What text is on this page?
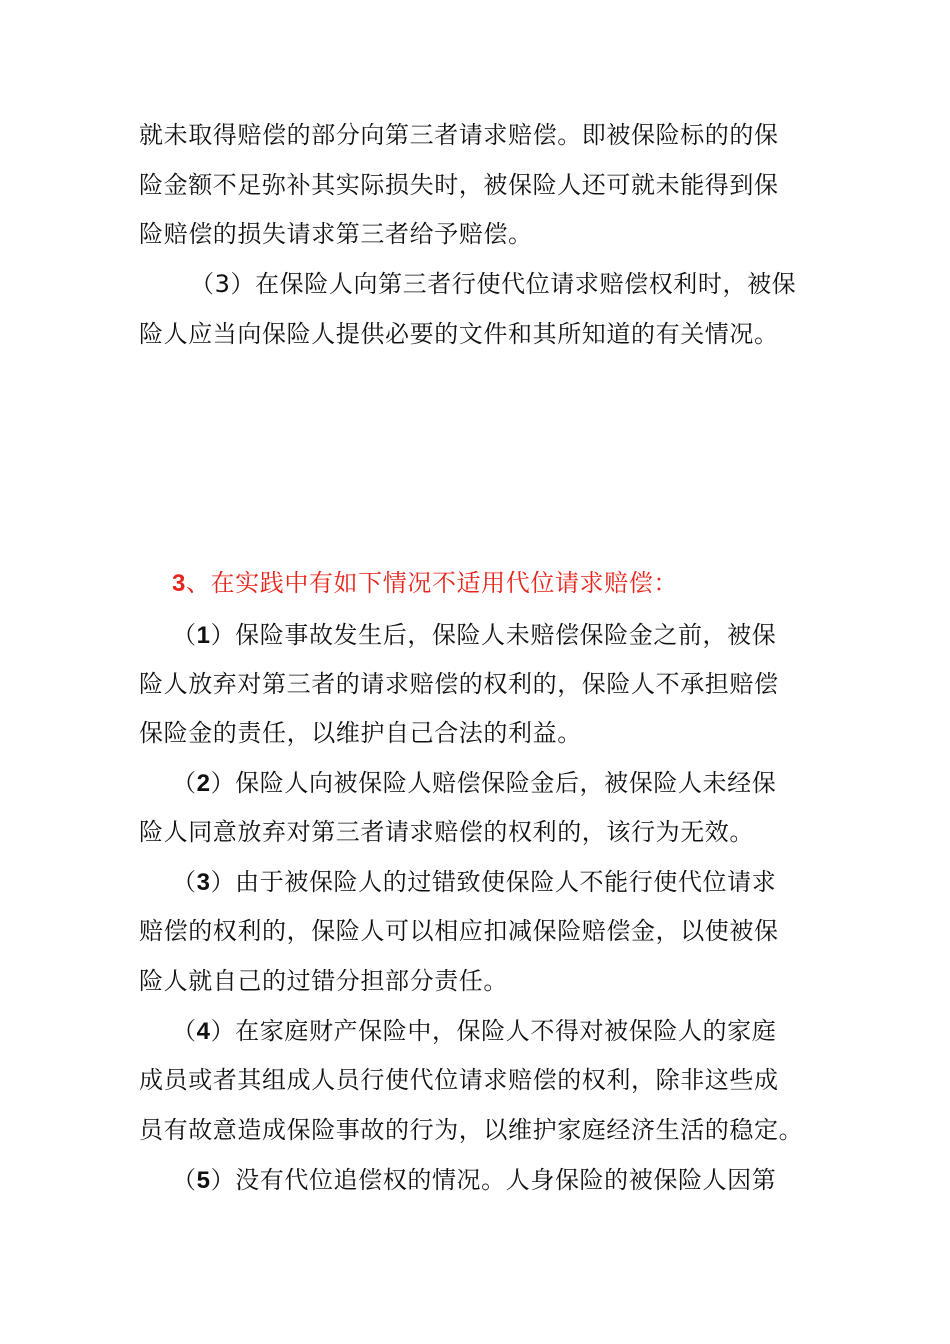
就未取得赔偿的部分向第三者请求赔偿。即被保险标的的保
险金额不足弥补其实际损失时，被保险人还可就未能得到保
险赔偿的损失请求第三者给予赔偿。
（3）在保险人向第三者行使代位请求赔偿权利时，被保
险人应当向保险人提供必要的文件和其所知道的有关情况。
3、在实践中有如下情况不适用代位请求赔偿：
（1）保险事故发生后，保险人未赔偿保险金之前，被保
险人放弃对第三者的请求赔偿的权利的，保险人不承担赔偿
保险金的责任，以维护自己合法的利益。
（2）保险人向被保险人赔偿保险金后，被保险人未经保
险人同意放弃对第三者请求赔偿的权利的，该行为无效。
（3）由于被保险人的过错致使保险人不能行使代位请求
赔偿的权利的，保险人可以相应扣减保险赔偿金，以使被保
险人就自己的过错分担部分责任。
（4）在家庭财产保险中，保险人不得对被保险人的家庭
成员或者其组成人员行使代位请求赔偿的权利，除非这些成
员有故意造成保险事故的行为，以维护家庭经济生活的稳定。
（5）没有代位追偿权的情况。人身保险的被保险人因第
